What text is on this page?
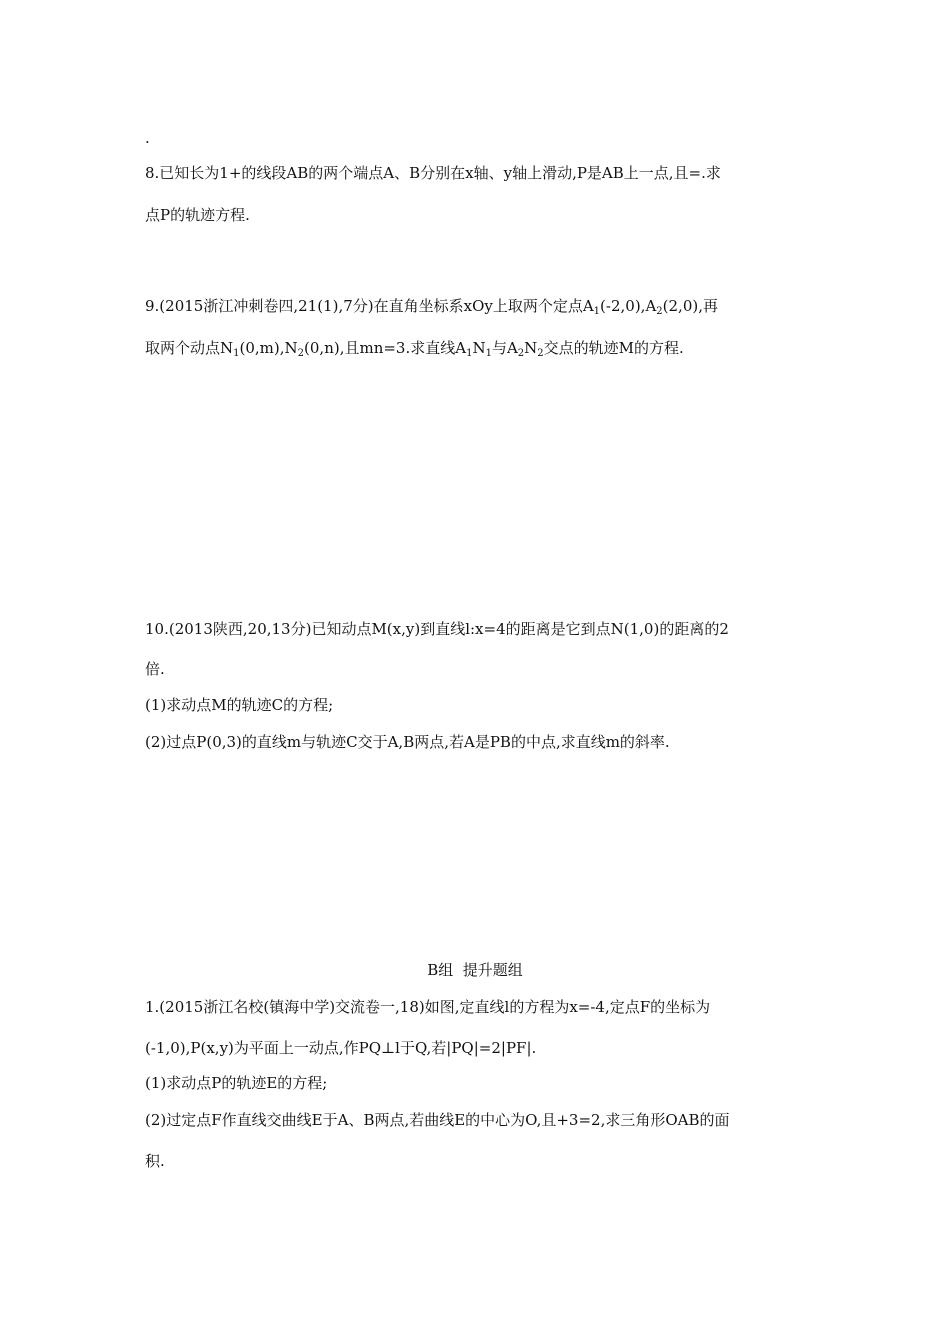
.
8.已知长为1+的线段AB的两个端点A、B分别在x轴、y轴上滑动,P是AB上一点,且=.求
点P的轨迹方程.
9.(2015浙江冲刺卷四,21(1),7分)在直角坐标系xOy上取两个定点$A_1(-2,0),A_2(2,0)$,再
取两个动点$N_1(0,m),N_2(0,n)$,且mn=3.求直线$A_1N_1$与$A_2N_2$交点的轨迹M的方程.
10.(2013陕西,20,13分)已知动点M(x,y)到直线l:x=4的距离是它到点N(1,0)的距离的2
倍.
(1)求动点M的轨迹C的方程;
(2)过点P(0,3)的直线m与轨迹C交于A,B两点,若A是PB的中点,求直线m的斜率.
B组  提升题组
1.(2015浙江名校(镇海中学)交流卷一,18)如图,定直线l的方程为x=-4,定点F的坐标为
(-1,0),P(x,y)为平面上一动点,作PQ⊥l于Q,若|PQ|=2|PF|.
(1)求动点P的轨迹E的方程;
(2)过定点F作直线交曲线E于A、B两点,若曲线E的中心为O,且+3=2,求三角形OAB的面
积.
